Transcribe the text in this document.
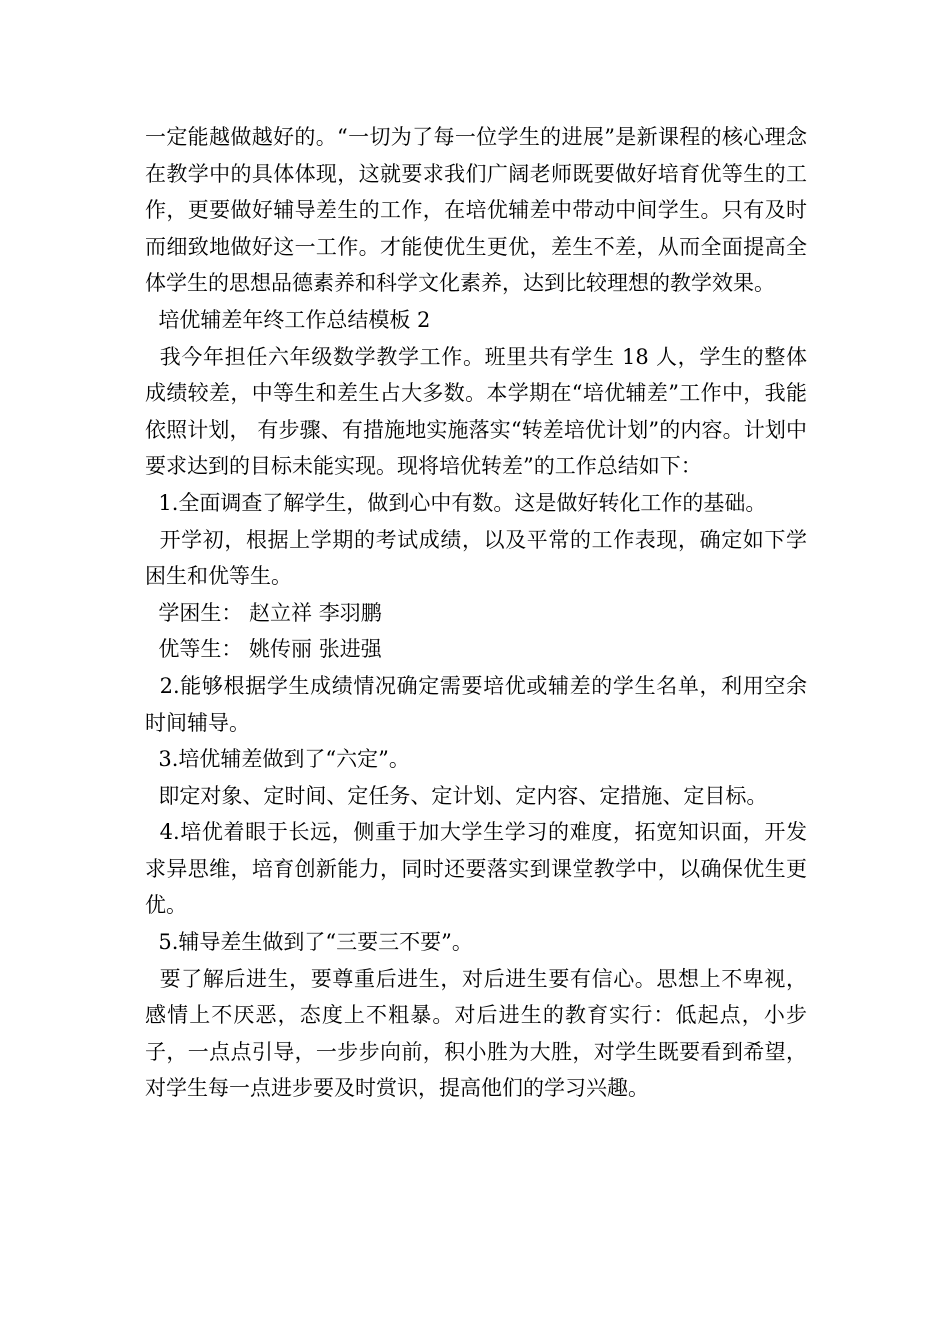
一定能越做越好的。“一切为了每一位学生的进展”是新课程的核心理念在教学中的具体体现，这就要求我们广阔老师既要做好培育优等生的工作，更要做好辅导差生的工作，在培优辅差中带动中间学生。只有及时而细致地做好这一工作。才能使优生更优，差生不差，从而全面提高全体学生的思想品德素养和科学文化素养，达到比较理想的教学效果。

培优辅差年终工作总结模板 2

我今年担任六年级数学教学工作。班里共有学生 18 人，学生的整体成绩较差，中等生和差生占大多数。本学期在“培优辅差”工作中，我能依照计划， 有步骤、有措施地实施落实“转差培优计划”的内容。计划中要求达到的目标未能实现。现将培优转差”的工作总结如下：

1.全面调查了解学生，做到心中有数。这是做好转化工作的基础。

开学初，根据上学期的考试成绩，以及平常的工作表现，确定如下学困生和优等生。

学困生： 赵立祥 李羽鹏

优等生： 姚传丽 张进强

2.能够根据学生成绩情况确定需要培优或辅差的学生名单，利用空余时间辅导。

3.培优辅差做到了“六定”。

即定对象、定时间、定任务、定计划、定内容、定措施、定目标。

4.培优着眼于长远，侧重于加大学生学习的难度，拓宽知识面，开发求异思维，培育创新能力，同时还要落实到课堂教学中，以确保优生更优。

5.辅导差生做到了“三要三不要”。

要了解后进生，要尊重后进生，对后进生要有信心。思想上不卑视，感情上不厌恶，态度上不粗暴。对后进生的教育实行：低起点，小步子，一点点引导，一步步向前，积小胜为大胜，对学生既要看到希望，对学生每一点进步要及时赏识，提高他们的学习兴趣。
